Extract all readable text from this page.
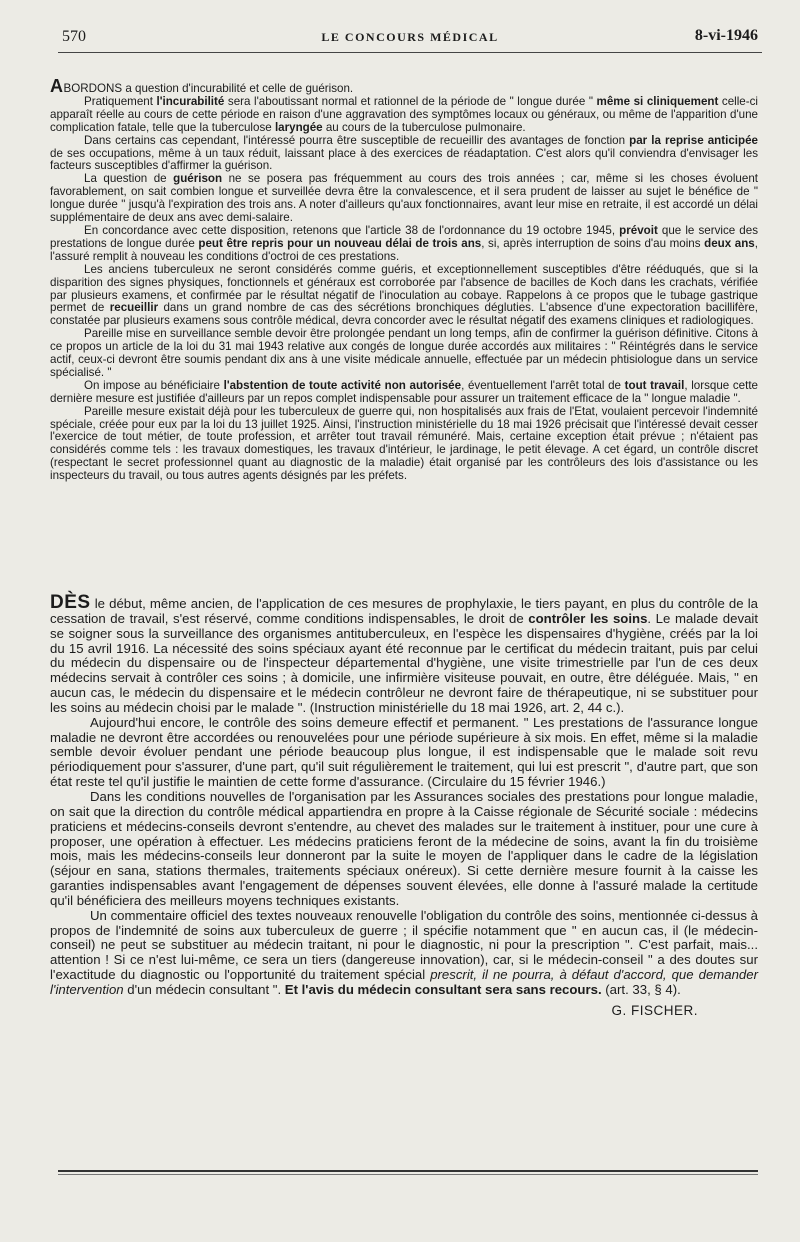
570	LE CONCOURS MÉDICAL	8-vi-1946

ABORDONS a question d'incurabilité et celle de guérison.

Pratiquement l'incurabilité sera l'aboutissant normal et rationnel de la période de " longue durée " même si cliniquement celle-ci apparaît réelle au cours de cette période en raison d'une aggravation des symptômes locaux ou généraux, ou même de l'apparition d'une complication fatale, telle que la tuberculose laryngée au cours de la tuberculose pulmonaire.

Dans certains cas cependant, l'intéressé pourra être susceptible de recueillir des avantages de fonction par la reprise anticipée de ses occupations, même à un taux réduit, laissant place à des exercices de réadaptation. C'est alors qu'il conviendra d'envisager les facteurs susceptibles d'affirmer la guérison.

La question de guérison ne se posera pas fréquemment au cours des trois années ; car, même si les choses évoluent favorablement, on sait combien longue et surveillée devra être la convalescence, et il sera prudent de laisser au sujet le bénéfice de " longue durée " jusqu'à l'expiration des trois ans. A noter d'ailleurs qu'aux fonctionnaires, avant leur mise en retraite, il est accordé un délai supplémentaire de deux ans avec demi-salaire.

En concordance avec cette disposition, retenons que l'article 38 de l'ordonnance du 19 octobre 1945, prévoit que le service des prestations de longue durée peut être repris pour un nouveau délai de trois ans, si, après interruption de soins d'au moins deux ans, l'assuré remplit à nouveau les conditions d'octroi de ces prestations.

Les anciens tuberculeux ne seront considérés comme guéris, et exceptionnellement susceptibles d'être rééduqués, que si la disparition des signes physiques, fonctionnels et généraux est corroborée par l'absence de bacilles de Koch dans les crachats, vérifiée par plusieurs examens, et confirmée par le résultat négatif de l'inoculation au cobaye. Rappelons à ce propos que le tubage gastrique permet de recueillir dans un grand nombre de cas des sécrétions bronchiques dégluties. L'absence d'une expectoration bacillifère, constatée par plusieurs examens sous contrôle médical, devra concorder avec le résultat négatif des examens cliniques et radiologiques.

Pareille mise en surveillance semble devoir être prolongée pendant un long temps, afin de confirmer la guérison définitive. Citons à ce propos un article de la loi du 31 mai 1943 relative aux congés de longue durée accordés aux militaires : " Réintégrés dans le service actif, ceux-ci devront être soumis pendant dix ans à une visite médicale annuelle, effectuée par un médecin phtisiologue dans un service spécialisé. "

On impose au bénéficiaire l'abstention de toute activité non autorisée, éventuellement l'arrêt total de tout travail, lorsque cette dernière mesure est justifiée d'ailleurs par un repos complet indispensable pour assurer un traitement efficace de la " longue maladie ".

Pareille mesure existait déjà pour les tuberculeux de guerre qui, non hospitalisés aux frais de l'Etat, voulaient percevoir l'indemnité spéciale, créée pour eux par la loi du 13 juillet 1925. Ainsi, l'instruction ministérielle du 18 mai 1926 précisait que l'intéressé devait cesser l'exercice de tout métier, de toute profession, et arrêter tout travail rémunéré. Mais, certaine exception était prévue ; n'étaient pas considérés comme tels : les travaux domestiques, les travaux d'intérieur, le jardinage, le petit élevage. A cet égard, un contrôle discret (respectant le secret professionnel quant au diagnostic de la maladie) était organisé par les contrôleurs des lois d'assistance ou les inspecteurs du travail, ou tous autres agents désignés par les préfets.

DÈS le début, même ancien, de l'application de ces mesures de prophylaxie, le tiers payant, en plus du contrôle de la cessation de travail, s'est réservé, comme conditions indispensables, le droit de contrôler les soins. Le malade devait se soigner sous la surveillance des organismes antituberculeux, en l'espèce les dispensaires d'hygiène, créés par la loi du 15 avril 1916. La nécessité des soins spéciaux ayant été reconnue par le certificat du médecin traitant, puis par celui du médecin du dispensaire ou de l'inspecteur départemental d'hygiène, une visite trimestrielle par l'un de ces deux médecins servait à contrôler ces soins ; à domicile, une infirmière visiteuse pouvait, en outre, être déléguée. Mais, " en aucun cas, le médecin du dispensaire et le médecin contrôleur ne devront faire de thérapeutique, ni se substituer pour les soins au médecin choisi par le malade ". (Instruction ministérielle du 18 mai 1926, art. 2, 44 c.).

Aujourd'hui encore, le contrôle des soins demeure effectif et permanent. " Les prestations de l'assurance longue maladie ne devront être accordées ou renouvelées pour une période supérieure à six mois. En effet, même si la maladie semble devoir évoluer pendant une période beaucoup plus longue, il est indispensable que le malade soit revu périodiquement pour s'assurer, d'une part, qu'il suit régulièrement le traitement, qui lui est prescrit ", d'autre part, que son état reste tel qu'il justifie le maintien de cette forme d'assurance. (Circulaire du 15 février 1946.)

Dans les conditions nouvelles de l'organisation par les Assurances sociales des prestations pour longue maladie, on sait que la direction du contrôle médical appartiendra en propre à la Caisse régionale de Sécurité sociale : médecins praticiens et médecins-conseils devront s'entendre, au chevet des malades sur le traitement à instituer, pour une cure à proposer, une opération à effectuer. Les médecins praticiens feront de la médecine de soins, avant la fin du troisième mois, mais les médecins-conseils leur donneront par la suite le moyen de l'appliquer dans le cadre de la législation (séjour en sana, stations thermales, traitements spéciaux onéreux). Si cette dernière mesure fournit à la caisse les garanties indispensables avant l'engagement de dépenses souvent élevées, elle donne à l'assuré malade la certitude qu'il bénéficiera des meilleurs moyens techniques existants.

Un commentaire officiel des textes nouveaux renouvelle l'obligation du contrôle des soins, mentionnée ci-dessus à propos de l'indemnité de soins aux tuberculeux de guerre ; il spécifie notamment que " en aucun cas, il (le médecin-conseil) ne peut se substituer au médecin traitant, ni pour le diagnostic, ni pour la prescription ". C'est parfait, mais... attention ! Si ce n'est lui-même, ce sera un tiers (dangereuse innovation), car, si le médecin-conseil " a des doutes sur l'exactitude du diagnostic ou l'opportunité du traitement spécial prescrit, il ne pourra, à défaut d'accord, que demander l'intervention d'un médecin consultant ". Et l'avis du médecin consultant sera sans recours. (art. 33, § 4).

G. FISCHER.
